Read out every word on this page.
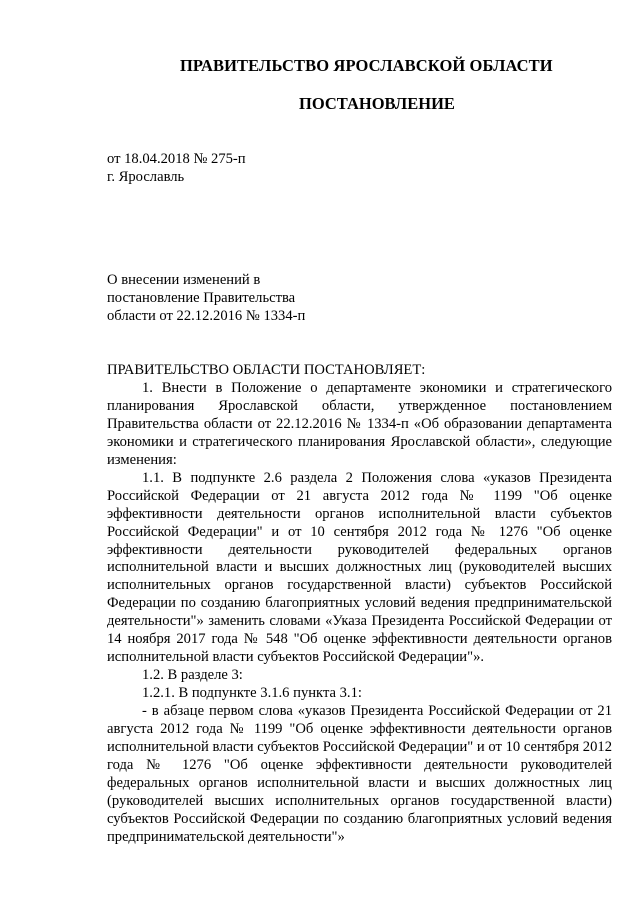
ПРАВИТЕЛЬСТВО ЯРОСЛАВСКОЙ ОБЛАСТИ
ПОСТАНОВЛЕНИЕ
от 18.04.2018 № 275-п
г. Ярославль
О внесении изменений в
постановление Правительства
области от 22.12.2016 № 1334-п
ПРАВИТЕЛЬСТВО ОБЛАСТИ ПОСТАНОВЛЯЕТ:

1. Внести в Положение о департаменте экономики и стратегического планирования Ярославской области, утвержденное постановлением Правительства области от 22.12.2016 № 1334-п «Об образовании департамента экономики и стратегического планирования Ярославской области», следующие изменения:

1.1. В подпункте 2.6 раздела 2 Положения слова «указов Президента Российской Федерации от 21 августа 2012 года № 1199 "Об оценке эффективности деятельности органов исполнительной власти субъектов Российской Федерации" и от 10 сентября 2012 года № 1276 "Об оценке эффективности деятельности руководителей федеральных органов исполнительной власти и высших должностных лиц (руководителей высших исполнительных органов государственной власти) субъектов Российской Федерации по созданию благоприятных условий ведения предпринимательской деятельности"» заменить словами «Указа Президента Российской Федерации от 14 ноября 2017 года № 548 "Об оценке эффективности деятельности органов исполнительной власти субъектов Российской Федерации"».

1.2. В разделе 3:

1.2.1. В подпункте 3.1.6 пункта 3.1:

- в абзаце первом слова «указов Президента Российской Федерации от 21 августа 2012 года № 1199 "Об оценке эффективности деятельности органов исполнительной власти субъектов Российской Федерации" и от 10 сентября 2012 года № 1276 "Об оценке эффективности деятельности руководителей федеральных органов исполнительной власти и высших должностных лиц (руководителей высших исполнительных органов государственной власти) субъектов Российской Федерации по созданию благоприятных условий ведения предпринимательской деятельности"»
